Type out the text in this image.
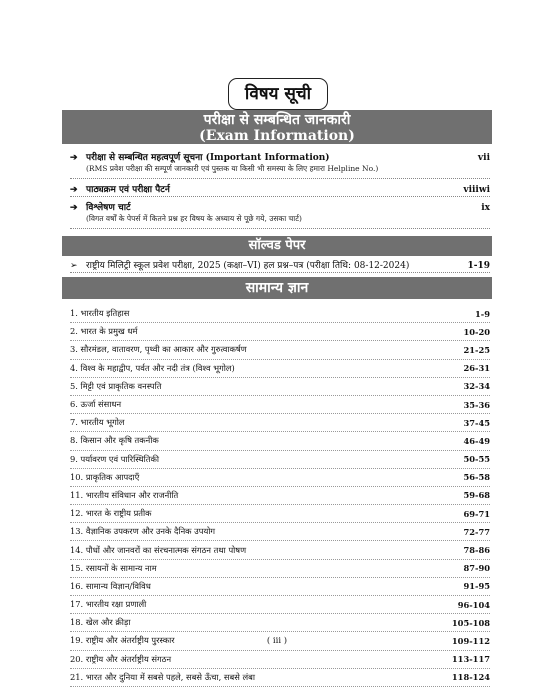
विषय सूची
परीक्षा से सम्बन्धित जानकारी
(Exam Information)
➔ परीक्षा से सम्बन्धित महत्वपूर्ण सूचना (Important Information)	vii
(RMS प्रवेश परीक्षा की सम्पूर्ण जानकारी एवं पुस्तक या किसी भी समस्या के लिए हमारा Helpline No.)
➔ पाठ्यक्रम एवं परीक्षा पैटर्न	viiiwi
➔ विश्लेषण चार्ट	ix
(विगत वर्षों के पेपर्स में कितने प्रश्न हर विषय के अध्याय से पूछे गये, उसका चार्ट)
सॉल्वड पेपर
➢ राष्ट्रीय मिलिट्री स्कूल प्रवेश परीक्षा, 2025 (कक्षा–VI) हल प्रश्न–पत्र (परीक्षा तिथि: 08-12-2024)	1-19
सामान्य ज्ञान
1. भारतीय इतिहास	1-9
2. भारत के प्रमुख धर्म	10-20
3. सौरमंडल, वातावरण, पृथ्वी का आकार और गुरुत्वाकर्षण	21-25
4. विश्व के महाद्वीप, पर्वत और नदी तंत्र (विश्व भूगोल)	26-31
5. मिट्टी एवं प्राकृतिक वनस्पति	32-34
6. ऊर्जा संसाधन	35-36
7. भारतीय भूगोल	37-45
8. किसान और कृषि तकनीक	46-49
9. पर्यावरण एवं पारिस्थितिकी	50-55
10. प्राकृतिक आपदाएँ	56-58
11. भारतीय संविधान और राजनीति	59-68
12. भारत के राष्ट्रीय प्रतीक	69-71
13. वैज्ञानिक उपकरण और उनके दैनिक उपयोग	72-77
14. पौधों और जानवरों का संरचनात्मक संगठन तथा पोषण	78-86
15. रसायनों के सामान्य नाम	87-90
16. सामान्य विज्ञान/विविध	91-95
17. भारतीय रक्षा प्रणाली	96-104
18. खेल और क्रीड़ा	105-108
19. राष्ट्रीय और अंतर्राष्ट्रीय पुरस्कार	109-112
20. राष्ट्रीय और अंतर्राष्ट्रीय संगठन	113-117
21. भारत और दुनिया में सबसे पहले, सबसे ऊँचा, सबसे लंबा	118-124
( iii )
